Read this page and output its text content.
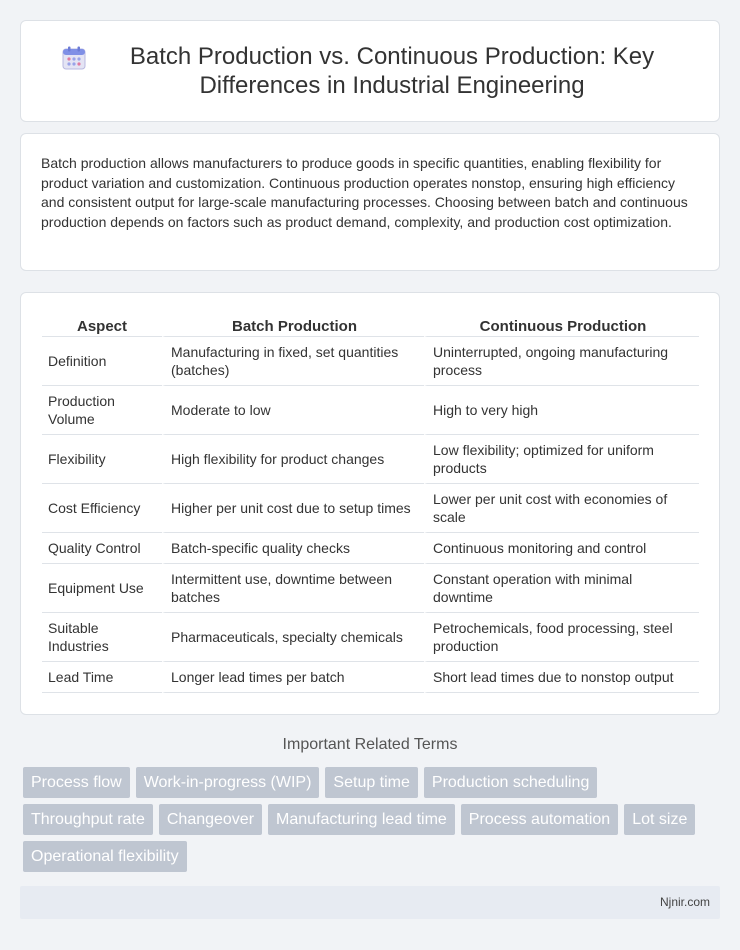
Batch Production vs. Continuous Production: Key Differences in Industrial Engineering

Batch production allows manufacturers to produce goods in specific quantities, enabling flexibility for product variation and customization. Continuous production operates nonstop, ensuring high efficiency and consistent output for large-scale manufacturing processes. Choosing between batch and continuous production depends on factors such as product demand, complexity, and production cost optimization.

Aspect	Batch Production	Continuous Production
Definition	Manufacturing in fixed, set quantities (batches)	Uninterrupted, ongoing manufacturing process
Production Volume	Moderate to low	High to very high
Flexibility	High flexibility for product changes	Low flexibility; optimized for uniform products
Cost Efficiency	Higher per unit cost due to setup times	Lower per unit cost with economies of scale
Quality Control	Batch-specific quality checks	Continuous monitoring and control
Equipment Use	Intermittent use, downtime between batches	Constant operation with minimal downtime
Suitable Industries	Pharmaceuticals, specialty chemicals	Petrochemicals, food processing, steel production
Lead Time	Longer lead times per batch	Short lead times due to nonstop output
Important Related Terms
Process flow	Work-in-progress (WIP)	Setup time	Production scheduling
Throughput rate	Changeover	Manufacturing lead time	Process automation	Lot size
Operational flexibility
Njnir.com
